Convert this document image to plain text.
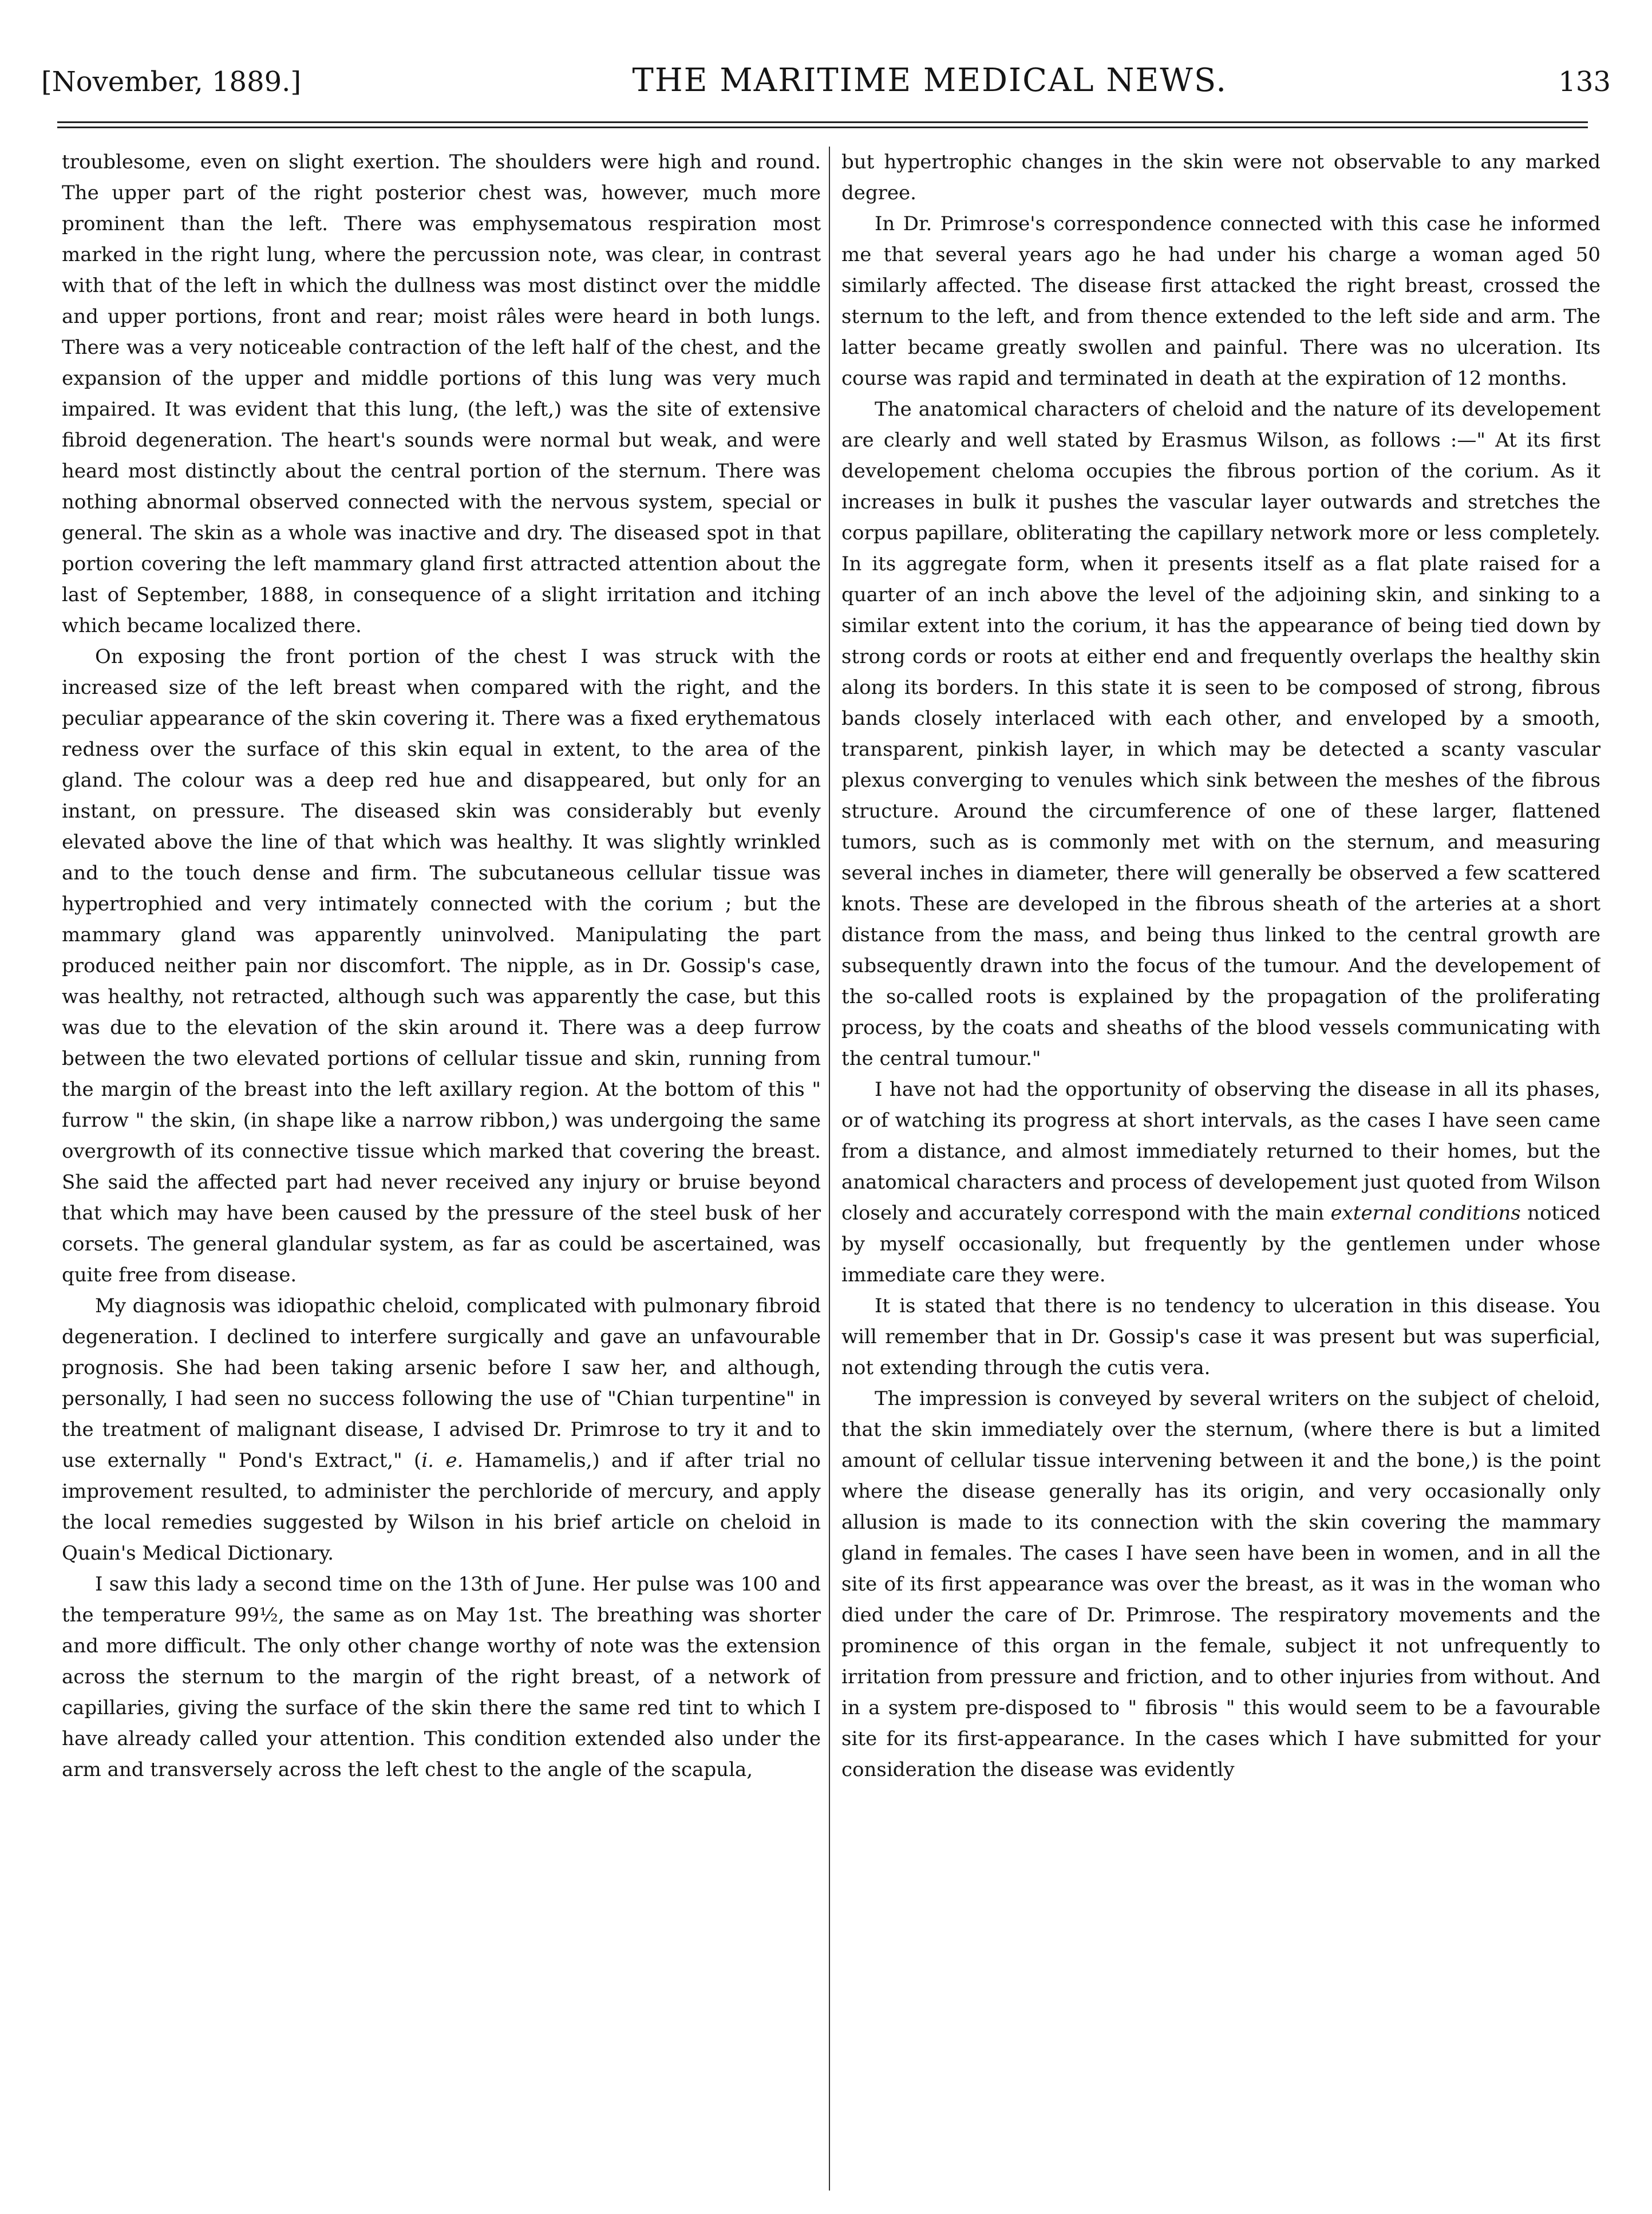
[November, 1889.]	THE MARITIME MEDICAL NEWS.	133

troublesome, even on slight exertion. The shoulders were high and round. The upper part of the right posterior chest was, however, much more prominent than the left. There was emphysematous respiration most marked in the right lung, where the percussion note, was clear, in contrast with that of the left in which the dullness was most distinct over the middle and upper portions, front and rear; moist râles were heard in both lungs. There was a very noticeable contraction of the left half of the chest, and the expansion of the upper and middle portions of this lung was very much impaired. It was evident that this lung, (the left,) was the site of extensive fibroid degeneration. The heart's sounds were normal but weak, and were heard most distinctly about the central portion of the sternum. There was nothing abnormal observed connected with the nervous system, special or general. The skin as a whole was inactive and dry. The diseased spot in that portion covering the left mammary gland first attracted attention about the last of September, 1888, in consequence of a slight irritation and itching which became localized there.

On exposing the front portion of the chest I was struck with the increased size of the left breast when compared with the right, and the peculiar appearance of the skin covering it. There was a fixed erythematous redness over the surface of this skin equal in extent, to the area of the gland. The colour was a deep red hue and disappeared, but only for an instant, on pressure. The diseased skin was considerably but evenly elevated above the line of that which was healthy. It was slightly wrinkled and to the touch dense and firm. The subcutaneous cellular tissue was hypertrophied and very intimately connected with the corium ; but the mammary gland was apparently uninvolved. Manipulating the part produced neither pain nor discomfort. The nipple, as in Dr. Gossip's case, was healthy, not retracted, although such was apparently the case, but this was due to the elevation of the skin around it. There was a deep furrow between the two elevated portions of cellular tissue and skin, running from the margin of the breast into the left axillary region. At the bottom of this " furrow " the skin, (in shape like a narrow ribbon,) was undergoing the same overgrowth of its connective tissue which marked that covering the breast. She said the affected part had never received any injury or bruise beyond that which may have been caused by the pressure of the steel busk of her corsets. The general glandular system, as far as could be ascertained, was quite free from disease.

My diagnosis was idiopathic cheloid, complicated with pulmonary fibroid degeneration. I declined to interfere surgically and gave an unfavourable prognosis. She had been taking arsenic before I saw her, and although, personally, I had seen no success following the use of "Chian turpentine" in the treatment of malignant disease, I advised Dr. Primrose to try it and to use externally " Pond's Extract," (i. e. Hamamelis,) and if after trial no improvement resulted, to administer the perchloride of mercury, and apply the local remedies suggested by Wilson in his brief article on cheloid in Quain's Medical Dictionary.

I saw this lady a second time on the 13th of June. Her pulse was 100 and the temperature 99½, the same as on May 1st. The breathing was shorter and more difficult. The only other change worthy of note was the extension across the sternum to the margin of the right breast, of a network of capillaries, giving the surface of the skin there the same red tint to which I have already called your attention. This condition extended also under the arm and transversely across the left chest to the angle of the scapula,

but hypertrophic changes in the skin were not observable to any marked degree.

In Dr. Primrose's correspondence connected with this case he informed me that several years ago he had under his charge a woman aged 50 similarly affected. The disease first attacked the right breast, crossed the sternum to the left, and from thence extended to the left side and arm. The latter became greatly swollen and painful. There was no ulceration. Its course was rapid and terminated in death at the expiration of 12 months.

The anatomical characters of cheloid and the nature of its developement are clearly and well stated by Erasmus Wilson, as follows :—" At its first developement cheloma occupies the fibrous portion of the corium. As it increases in bulk it pushes the vascular layer outwards and stretches the corpus papillare, obliterating the capillary network more or less completely. In its aggregate form, when it presents itself as a flat plate raised for a quarter of an inch above the level of the adjoining skin, and sinking to a similar extent into the corium, it has the appearance of being tied down by strong cords or roots at either end and frequently overlaps the healthy skin along its borders. In this state it is seen to be composed of strong, fibrous bands closely interlaced with each other, and enveloped by a smooth, transparent, pinkish layer, in which may be detected a scanty vascular plexus converging to venules which sink between the meshes of the fibrous structure. Around the circumference of one of these larger, flattened tumors, such as is commonly met with on the sternum, and measuring several inches in diameter, there will generally be observed a few scattered knots. These are developed in the fibrous sheath of the arteries at a short distance from the mass, and being thus linked to the central growth are subsequently drawn into the focus of the tumour. And the developement of the so-called roots is explained by the propagation of the proliferating process, by the coats and sheaths of the blood vessels communicating with the central tumour."

I have not had the opportunity of observing the disease in all its phases, or of watching its progress at short intervals, as the cases I have seen came from a distance, and almost immediately returned to their homes, but the anatomical characters and process of developement just quoted from Wilson closely and accurately correspond with the main external conditions noticed by myself occasionally, but frequently by the gentlemen under whose immediate care they were.

It is stated that there is no tendency to ulceration in this disease. You will remember that in Dr. Gossip's case it was present but was superficial, not extending through the cutis vera.

The impression is conveyed by several writers on the subject of cheloid, that the skin immediately over the sternum, (where there is but a limited amount of cellular tissue intervening between it and the bone,) is the point where the disease generally has its origin, and very occasionally only allusion is made to its connection with the skin covering the mammary gland in females. The cases I have seen have been in women, and in all the site of its first appearance was over the breast, as it was in the woman who died under the care of Dr. Primrose. The respiratory movements and the prominence of this organ in the female, subject it not unfrequently to irritation from pressure and friction, and to other injuries from without. And in a system pre-disposed to " fibrosis " this would seem to be a favourable site for its first-appearance. In the cases which I have submitted for your consideration the disease was evidently
